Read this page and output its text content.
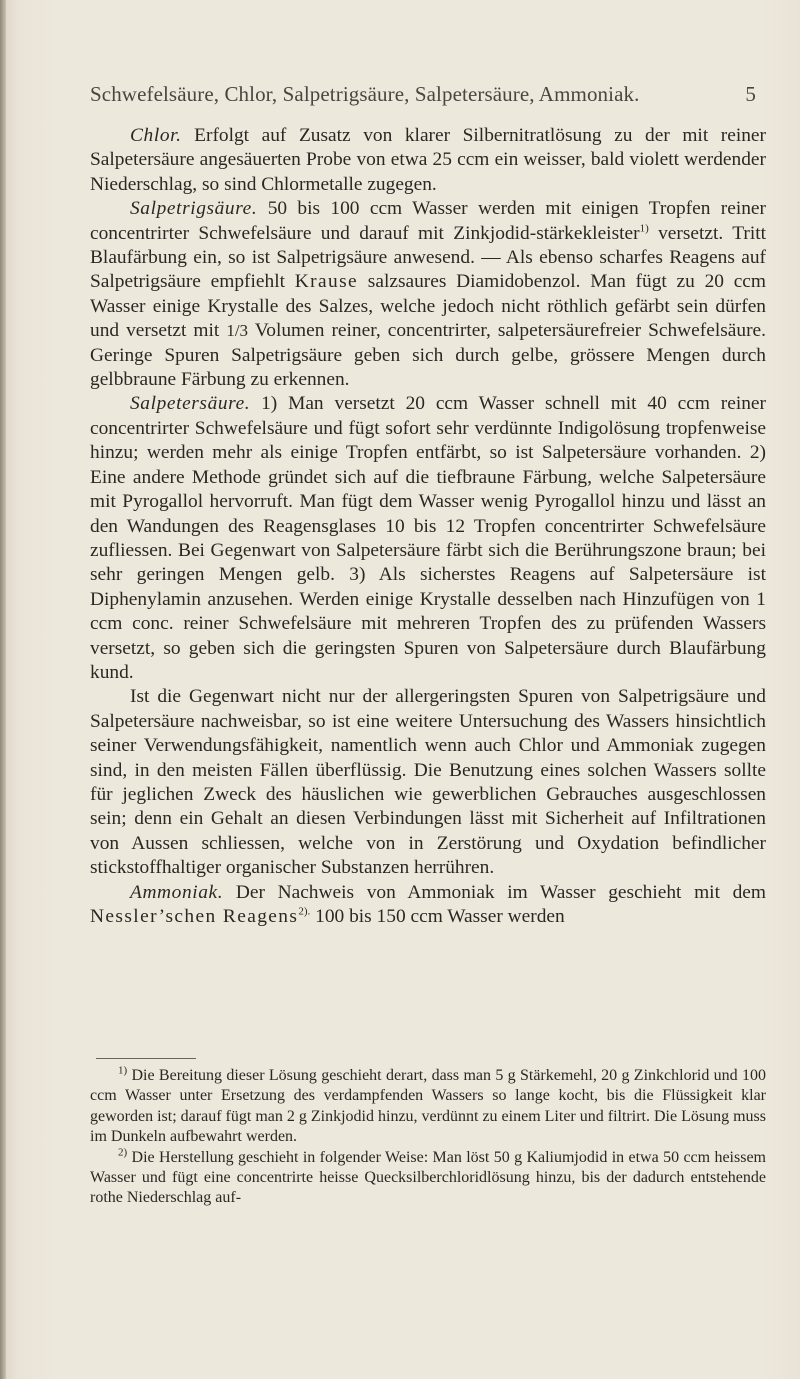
Schwefelsäure, Chlor, Salpetrigsäure, Salpetersäure, Ammoniak.	5

Chlor. Erfolgt auf Zusatz von klarer Silbernitratlösung zu der mit reiner Salpetersäure angesäuerten Probe von etwa 25 ccm ein weisser, bald violett werdender Niederschlag, so sind Chlormetalle zugegen.

Salpetrigsäure. 50 bis 100 ccm Wasser werden mit einigen Tropfen reiner concentrirter Schwefelsäure und darauf mit Zinkjodid-stärkekleister$^{1)}$ versetzt. Tritt Blaufärbung ein, so ist Salpetrigsäure anwesend. — Als ebenso scharfes Reagens auf Salpetrigsäure empfiehlt Krause salzsaures Diamidobenzol. Man fügt zu 20 ccm Wasser einige Krystalle des Salzes, welche jedoch nicht röthlich gefärbt sein dürfen und versetzt mit 1/3 Volumen reiner, concentrirter, salpetersäurefreier Schwefelsäure. Geringe Spuren Salpetrigsäure geben sich durch gelbe, grössere Mengen durch gelbbraune Färbung zu erkennen.

Salpetersäure. 1) Man versetzt 20 ccm Wasser schnell mit 40 ccm reiner concentrirter Schwefelsäure und fügt sofort sehr verdünnte Indigolösung tropfenweise hinzu; werden mehr als einige Tropfen entfärbt, so ist Salpetersäure vorhanden. 2) Eine andere Methode gründet sich auf die tiefbraune Färbung, welche Salpetersäure mit Pyrogallol hervorruft. Man fügt dem Wasser wenig Pyrogallol hinzu und lässt an den Wandungen des Reagensglases 10 bis 12 Tropfen concentrirter Schwefelsäure zufliessen. Bei Gegenwart von Salpetersäure färbt sich die Berührungszone braun; bei sehr geringen Mengen gelb. 3) Als sicherstes Reagens auf Salpetersäure ist Diphenylamin anzusehen. Werden einige Krystalle desselben nach Hinzufügen von 1 ccm conc. reiner Schwefelsäure mit mehreren Tropfen des zu prüfenden Wassers versetzt, so geben sich die geringsten Spuren von Salpetersäure durch Blaufärbung kund.

Ist die Gegenwart nicht nur der allergeringsten Spuren von Salpetrigsäure und Salpetersäure nachweisbar, so ist eine weitere Untersuchung des Wassers hinsichtlich seiner Verwendungsfähigkeit, namentlich wenn auch Chlor und Ammoniak zugegen sind, in den meisten Fällen überflüssig. Die Benutzung eines solchen Wassers sollte für jeglichen Zweck des häuslichen wie gewerblichen Gebrauches ausgeschlossen sein; denn ein Gehalt an diesen Verbindungen lässt mit Sicherheit auf Infiltrationen von Aussen schliessen, welche von in Zerstörung und Oxydation befindlicher stickstoffhaltiger organischer Substanzen herrühren.

Ammoniak. Der Nachweis von Ammoniak im Wasser geschieht mit dem Nessler’schen Reagens$^{2).}$ 100 bis 150 ccm Wasser werden

$^{1)}$ Die Bereitung dieser Lösung geschieht derart, dass man 5 g Stärkemehl, 20 g Zinkchlorid und 100 ccm Wasser unter Ersetzung des verdampfenden Wassers so lange kocht, bis die Flüssigkeit klar geworden ist; darauf fügt man 2 g Zinkjodid hinzu, verdünnt zu einem Liter und filtrirt. Die Lösung muss im Dunkeln aufbewahrt werden.

$^{2)}$ Die Herstellung geschieht in folgender Weise: Man löst 50 g Kaliumjodid in etwa 50 ccm heissem Wasser und fügt eine concentrirte heisse Quecksilberchloridlösung hinzu, bis der dadurch entstehende rothe Niederschlag auf-
